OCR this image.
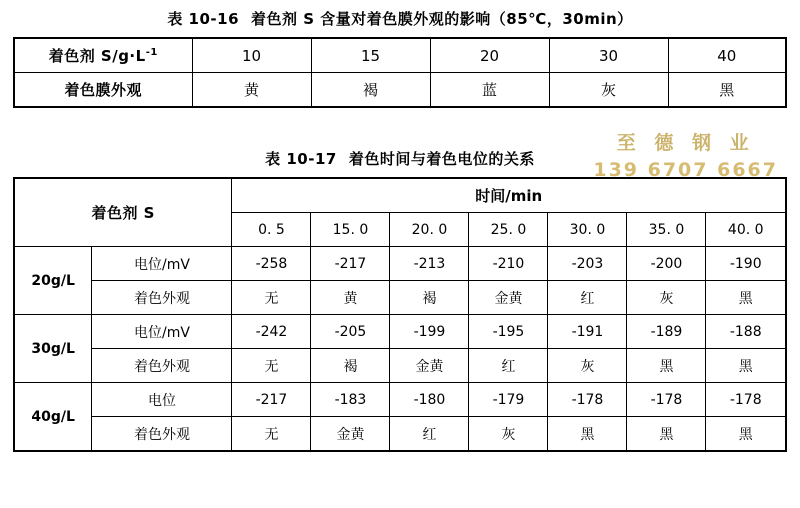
表 10-16 着色剂 S 含量对着色膜外观的影响（85℃，30min）
着色剂 $S/g\cdot L^{-1}$	10	15	20	30	40
着色膜外观	黄	褐	蓝	灰	黑
至 德 钢 业
139 6707 6667
表 10-17 着色时间与着色电位的关系
着色剂 S		时间/min						
		0. 5	15. 0	20. 0	25. 0	30. 0	35. 0	40. 0
20g/L	电位/mV	-258	-217	-213	-210	-203	-200	-190
	着色外观	无	黄	褐	金黄	红	灰	黑
30g/L	电位/mV	-242	-205	-199	-195	-191	-189	-188
	着色外观	无	褐	金黄	红	灰	黑	黑
40g/L	电位	-217	-183	-180	-179	-178	-178	-178
	着色外观	无	金黄	红	灰	黑	黑	黑
